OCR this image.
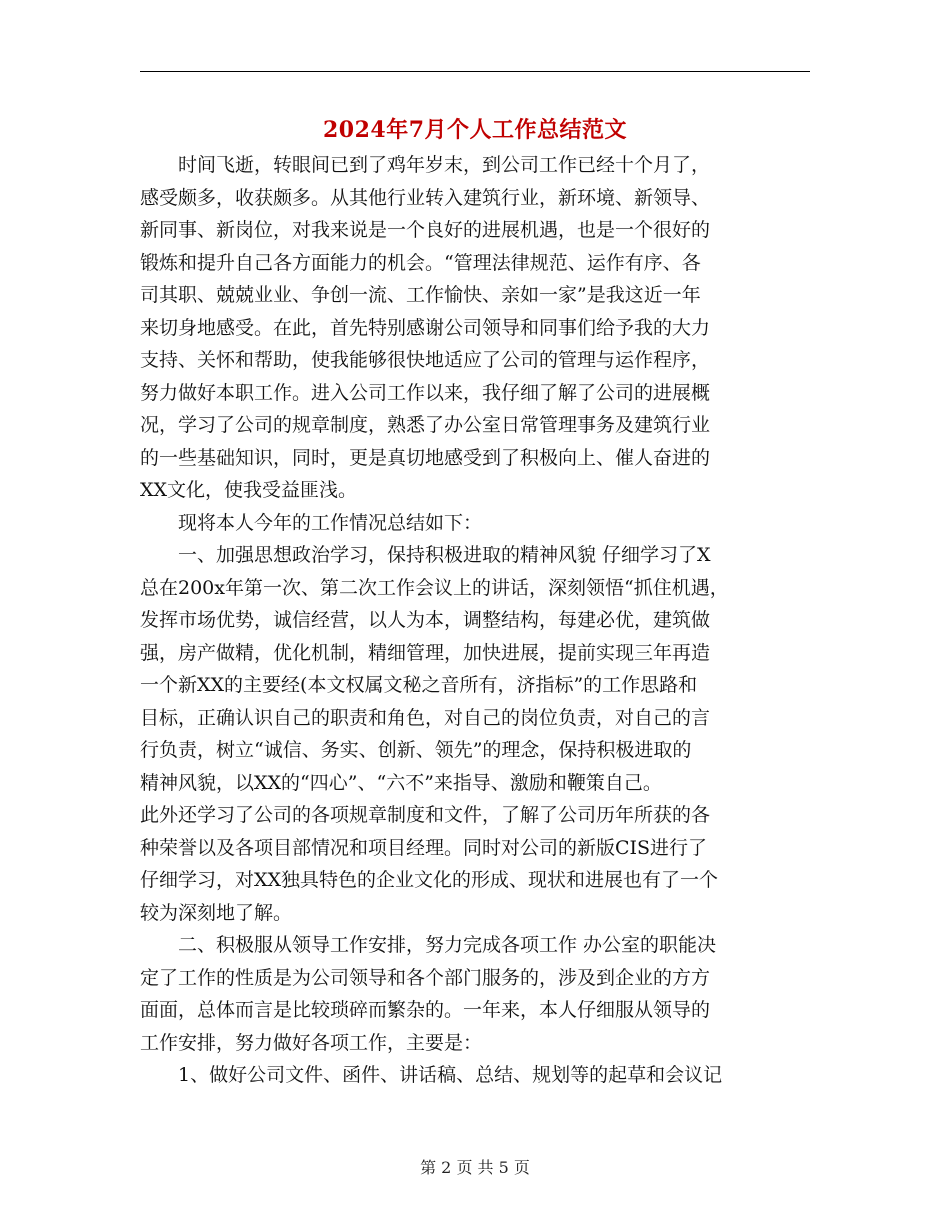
2024年7月个人工作总结范文
　　时间飞逝，转眼间已到了鸡年岁末，到公司工作已经十个月了，
感受颇多，收获颇多。从其他行业转入建筑行业，新环境、新领导、
新同事、新岗位，对我来说是一个良好的进展机遇，也是一个很好的
锻炼和提升自己各方面能力的机会。“管理法律规范、运作有序、各
司其职、兢兢业业、争创一流、工作愉快、亲如一家”是我这近一年
来切身地感受。在此，首先特别感谢公司领导和同事们给予我的大力
支持、关怀和帮助，使我能够很快地适应了公司的管理与运作程序，
努力做好本职工作。进入公司工作以来，我仔细了解了公司的进展概
况，学习了公司的规章制度，熟悉了办公室日常管理事务及建筑行业
的一些基础知识，同时，更是真切地感受到了积极向上、催人奋进的
XX文化，使我受益匪浅。
　　现将本人今年的工作情况总结如下：
　　一、加强思想政治学习，保持积极进取的精神风貌 仔细学习了X
总在200x年第一次、第二次工作会议上的讲话，深刻领悟“抓住机遇，
发挥市场优势，诚信经营，以人为本，调整结构，每建必优，建筑做
强，房产做精，优化机制，精细管理，加快进展，提前实现三年再造
一个新XX的主要经(本文权属文秘之音所有，济指标”的工作思路和
目标，正确认识自己的职责和角色，对自己的岗位负责，对自己的言
行负责，树立“诚信、务实、创新、领先”的理念，保持积极进取的
精神风貌，以XX的“四心”、“六不”来指导、激励和鞭策自己。
此外还学习了公司的各项规章制度和文件，了解了公司历年所获的各
种荣誉以及各项目部情况和项目经理。同时对公司的新版CIS进行了
仔细学习，对XX独具特色的企业文化的形成、现状和进展也有了一个
较为深刻地了解。
　　二、积极服从领导工作安排，努力完成各项工作 办公室的职能决
定了工作的性质是为公司领导和各个部门服务的，涉及到企业的方方
面面，总体而言是比较琐碎而繁杂的。一年来，本人仔细服从领导的
工作安排，努力做好各项工作，主要是：
　　1、做好公司文件、函件、讲话稿、总结、规划等的起草和会议记
第 2 页 共 5 页
